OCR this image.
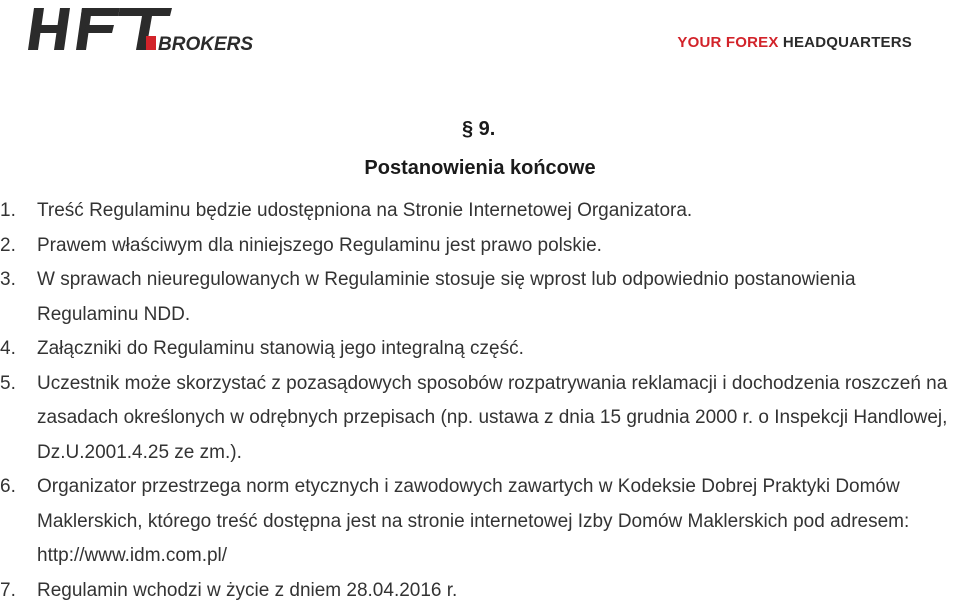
BROKERS	YOUR FOREX HEADQUARTERS
§ 9.
Postanowienia końcowe
1. Treść Regulaminu będzie udostępniona na Stronie Internetowej Organizatora.
2. Prawem właściwym dla niniejszego Regulaminu jest prawo polskie.
3. W sprawach nieuregulowanych w Regulaminie stosuje się wprost lub odpowiednio postanowienia Regulaminu NDD.
4. Załączniki do Regulaminu stanowią jego integralną część.
5. Uczestnik może skorzystać z pozasądowych sposobów rozpatrywania reklamacji i dochodzenia roszczeń na zasadach określonych w odrębnych przepisach (np. ustawa z dnia 15 grudnia 2000 r. o Inspekcji Handlowej, Dz.U.2001.4.25 ze zm.).
6. Organizator przestrzega norm etycznych i zawodowych zawartych w Kodeksie Dobrej Praktyki Domów Maklerskich, którego treść dostępna jest na stronie internetowej Izby Domów Maklerskich pod adresem: http://www.idm.com.pl/
7. Regulamin wchodzi w życie z dniem 28.04.2016 r.
